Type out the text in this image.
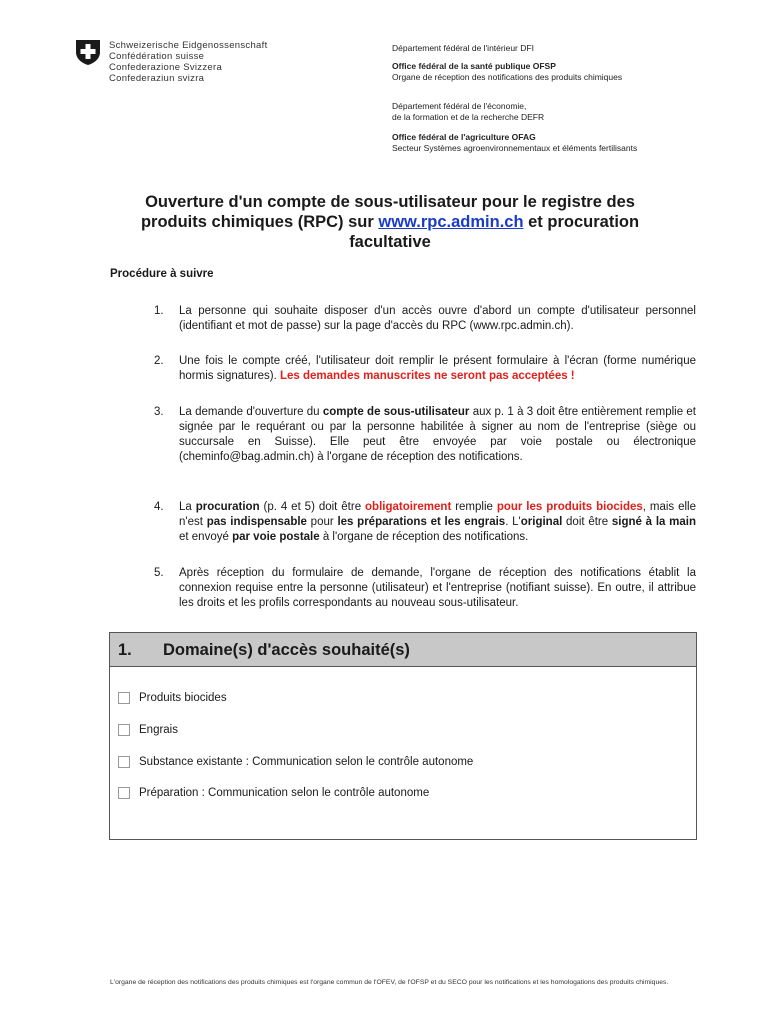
Schweizerische Eidgenossenschaft
Confédération suisse
Confederazione Svizzera
Confederaziun svizra
Département fédéral de l'intérieur DFI
Office fédéral de la santé publique OFSP
Organe de réception des notifications des produits chimiques
Département fédéral de l'économie,
de la formation et de la recherche DEFR
Office fédéral de l'agriculture OFAG
Secteur Systèmes agroenvironnementaux et éléments fertilisants
Ouverture d'un compte de sous-utilisateur pour le registre des
produits chimiques (RPC) sur www.rpc.admin.ch et procuration
facultative
Procédure à suivre
1. La personne qui souhaite disposer d'un accès ouvre d'abord un compte d'utilisateur personnel (identifiant et mot de passe) sur la page d'accès du RPC (www.rpc.admin.ch).
2. Une fois le compte créé, l'utilisateur doit remplir le présent formulaire à l'écran (forme numérique hormis signatures). Les demandes manuscrites ne seront pas acceptées !
3. La demande d'ouverture du compte de sous-utilisateur aux p. 1 à 3 doit être entièrement remplie et signée par le requérant ou par la personne habilitée à signer au nom de l'entreprise (siège ou succursale en Suisse). Elle peut être envoyée par voie postale ou électronique (cheminfo@bag.admin.ch) à l'organe de réception des notifications.
4. La procuration (p. 4 et 5) doit être obligatoirement remplie pour les produits biocides, mais elle n'est pas indispensable pour les préparations et les engrais. L'original doit être signé à la main et envoyé par voie postale à l'organe de réception des notifications.
5. Après réception du formulaire de demande, l'organe de réception des notifications établit la connexion requise entre la personne (utilisateur) et l'entreprise (notifiant suisse). En outre, il attribue les droits et les profils correspondants au nouveau sous-utilisateur.
1. Domaine(s) d'accès souhaité(s)
Produits biocides
Engrais
Substance existante : Communication selon le contrôle autonome
Préparation : Communication selon le contrôle autonome
L'organe de réception des notifications des produits chimiques est l'organe commun de l'OFEV, de l'OFSP et du SECO pour les notifications et les homologations des produits chimiques.
